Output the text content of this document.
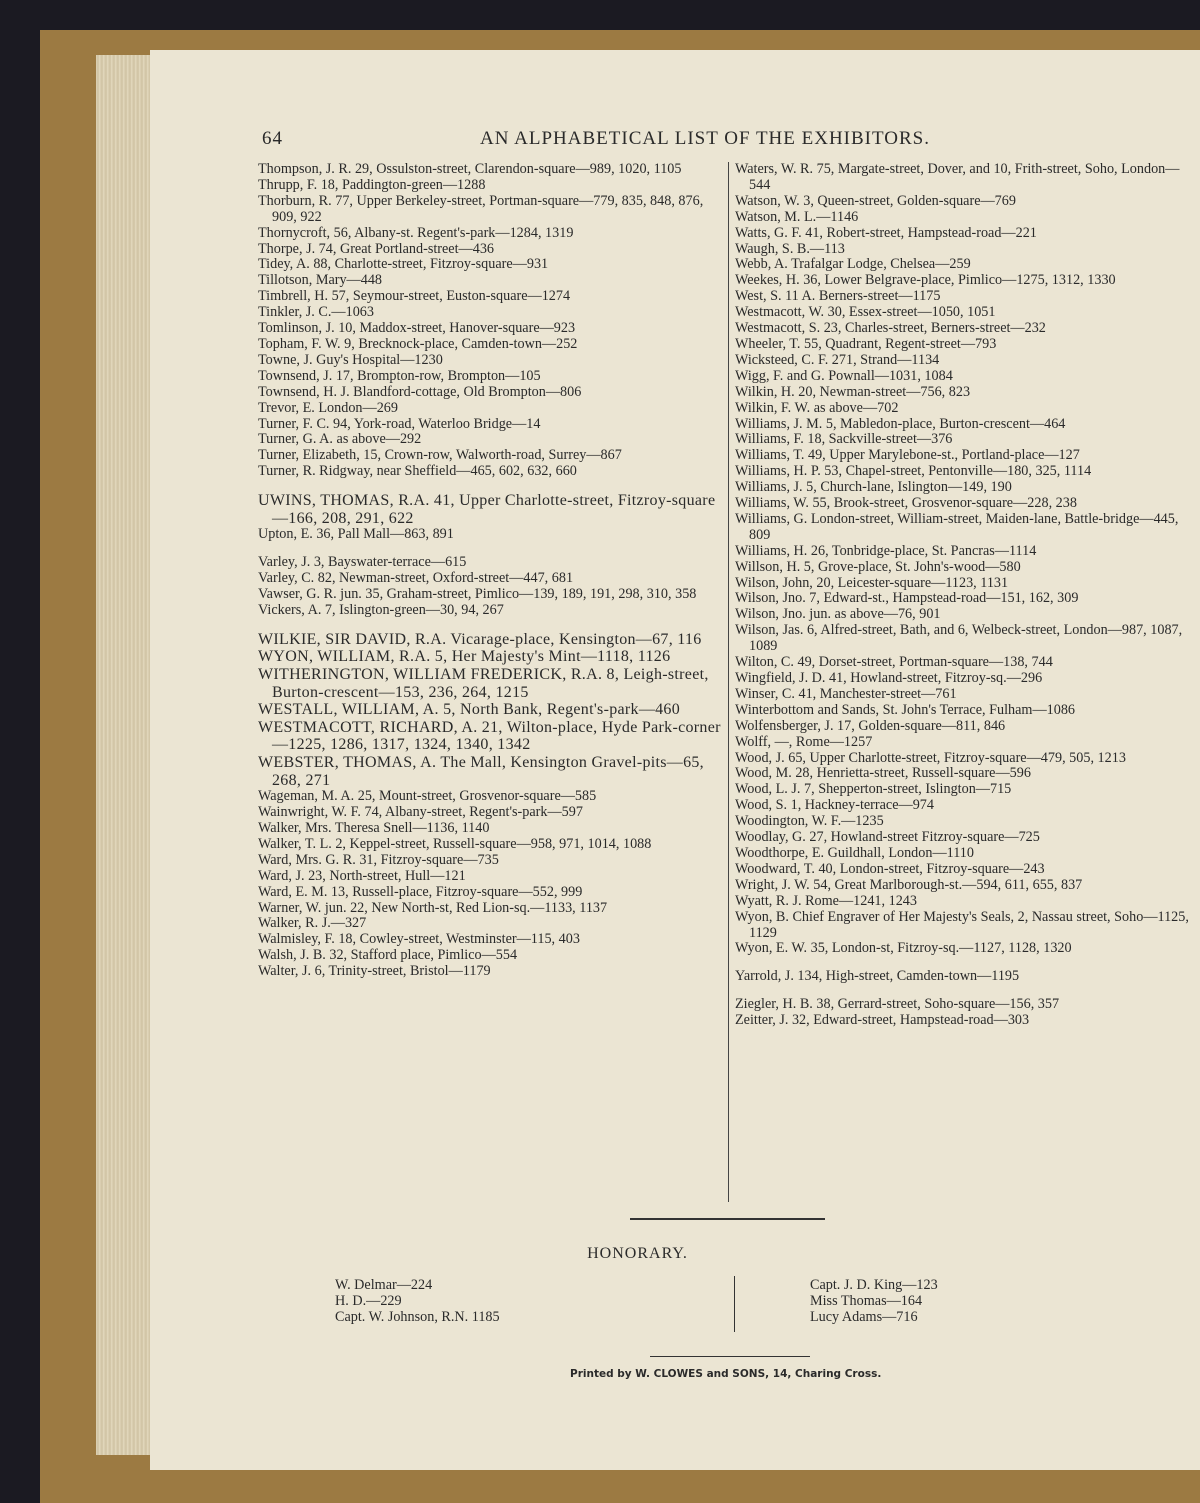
64	AN ALPHABETICAL LIST OF THE EXHIBITORS.

Thompson, J. R. 29, Ossulston-street, Clarendon-square—989, 1020, 1105

Thrupp, F. 18, Paddington-green—1288

Thorburn, R. 77, Upper Berkeley-street, Portman-square—779, 835, 848, 876, 909, 922

Thornycroft, 56, Albany-st. Regent's-park—1284, 1319

Thorpe, J. 74, Great Portland-street—436

Tidey, A. 88, Charlotte-street, Fitzroy-square—931

Tillotson, Mary—448

Timbrell, H. 57, Seymour-street, Euston-square—1274

Tinkler, J. C.—1063

Tomlinson, J. 10, Maddox-street, Hanover-square—923

Topham, F. W. 9, Brecknock-place, Camden-town—252

Towne, J. Guy's Hospital—1230

Townsend, J. 17, Brompton-row, Brompton—105

Townsend, H. J. Blandford-cottage, Old Brompton—806

Trevor, E. London—269

Turner, F. C. 94, York-road, Waterloo Bridge—14

Turner, G. A. as above—292

Turner, Elizabeth, 15, Crown-row, Walworth-road, Surrey—867

Turner, R. Ridgway, near Sheffield—465, 602, 632, 660

UWINS, THOMAS, R.A. 41, Upper Charlotte-street, Fitzroy-square—166, 208, 291, 622

Upton, E. 36, Pall Mall—863, 891

Varley, J. 3, Bayswater-terrace—615

Varley, C. 82, Newman-street, Oxford-street—447, 681

Vawser, G. R. jun. 35, Graham-street, Pimlico—139, 189, 191, 298, 310, 358

Vickers, A. 7, Islington-green—30, 94, 267

WILKIE, SIR DAVID, R.A. Vicarage-place, Kensington—67, 116

WYON, WILLIAM, R.A. 5, Her Majesty's Mint—1118, 1126

WITHERINGTON, WILLIAM FREDERICK, R.A. 8, Leigh-street, Burton-crescent—153, 236, 264, 1215

WESTALL, WILLIAM, A. 5, North Bank, Regent's-park—460

WESTMACOTT, RICHARD, A. 21, Wilton-place, Hyde Park-corner—1225, 1286, 1317, 1324, 1340, 1342

WEBSTER, THOMAS, A. The Mall, Kensington Gravel-pits—65, 268, 271

Wageman, M. A. 25, Mount-street, Grosvenor-square—585

Wainwright, W. F. 74, Albany-street, Regent's-park—597

Walker, Mrs. Theresa Snell—1136, 1140

Walker, T. L. 2, Keppel-street, Russell-square—958, 971, 1014, 1088

Ward, Mrs. G. R. 31, Fitzroy-square—735

Ward, J. 23, North-street, Hull—121

Ward, E. M. 13, Russell-place, Fitzroy-square—552, 999

Warner, W. jun. 22, New North-st, Red Lion-sq.—1133, 1137

Walker, R. J.—327

Walmisley, F. 18, Cowley-street, Westminster—115, 403

Walsh, J. B. 32, Stafford place, Pimlico—554

Walter, J. 6, Trinity-street, Bristol—1179

Waters, W. R. 75, Margate-street, Dover, and 10, Frith-street, Soho, London—544

Watson, W. 3, Queen-street, Golden-square—769

Watson, M. L.—1146

Watts, G. F. 41, Robert-street, Hampstead-road—221

Waugh, S. B.—113

Webb, A. Trafalgar Lodge, Chelsea—259

Weekes, H. 36, Lower Belgrave-place, Pimlico—1275, 1312, 1330

West, S. 11 A. Berners-street—1175

Westmacott, W. 30, Essex-street—1050, 1051

Westmacott, S. 23, Charles-street, Berners-street—232

Wheeler, T. 55, Quadrant, Regent-street—793

Wicksteed, C. F. 271, Strand—1134

Wigg, F. and G. Pownall—1031, 1084

Wilkin, H. 20, Newman-street—756, 823

Wilkin, F. W. as above—702

Williams, J. M. 5, Mabledon-place, Burton-crescent—464

Williams, F. 18, Sackville-street—376

Williams, T. 49, Upper Marylebone-st., Portland-place—127

Williams, H. P. 53, Chapel-street, Pentonville—180, 325, 1114

Williams, J. 5, Church-lane, Islington—149, 190

Williams, W. 55, Brook-street, Grosvenor-square—228, 238

Williams, G. London-street, William-street, Maiden-lane, Battle-bridge—445, 809

Williams, H. 26, Tonbridge-place, St. Pancras—1114

Willson, H. 5, Grove-place, St. John's-wood—580

Wilson, John, 20, Leicester-square—1123, 1131

Wilson, Jno. 7, Edward-st., Hampstead-road—151, 162, 309

Wilson, Jno. jun. as above—76, 901

Wilson, Jas. 6, Alfred-street, Bath, and 6, Welbeck-street, London—987, 1087, 1089

Wilton, C. 49, Dorset-street, Portman-square—138, 744

Wingfield, J. D. 41, Howland-street, Fitzroy-sq.—296

Winser, C. 41, Manchester-street—761

Winterbottom and Sands, St. John's Terrace, Fulham—1086

Wolfensberger, J. 17, Golden-square—811, 846

Wolff, —, Rome—1257

Wood, J. 65, Upper Charlotte-street, Fitzroy-square—479, 505, 1213

Wood, M. 28, Henrietta-street, Russell-square—596

Wood, L. J. 7, Shepperton-street, Islington—715

Wood, S. 1, Hackney-terrace—974

Woodington, W. F.—1235

Woodlay, G. 27, Howland-street Fitzroy-square—725

Woodthorpe, E. Guildhall, London—1110

Woodward, T. 40, London-street, Fitzroy-square—243

Wright, J. W. 54, Great Marlborough-st.—594, 611, 655, 837

Wyatt, R. J. Rome—1241, 1243

Wyon, B. Chief Engraver of Her Majesty's Seals, 2, Nassau street, Soho—1125, 1129

Wyon, E. W. 35, London-st, Fitzroy-sq.—1127, 1128, 1320

Yarrold, J. 134, High-street, Camden-town—1195

Ziegler, H. B. 38, Gerrard-street, Soho-square—156, 357

Zeitter, J. 32, Edward-street, Hampstead-road—303

HONORARY.
W. Delmar—224
H. D.—229
Capt. W. Johnson, R.N. 1185
Capt. J. D. King—123
Miss Thomas—164
Lucy Adams—716
Printed by W. CLOWES and SONS, 14, Charing Cross.
